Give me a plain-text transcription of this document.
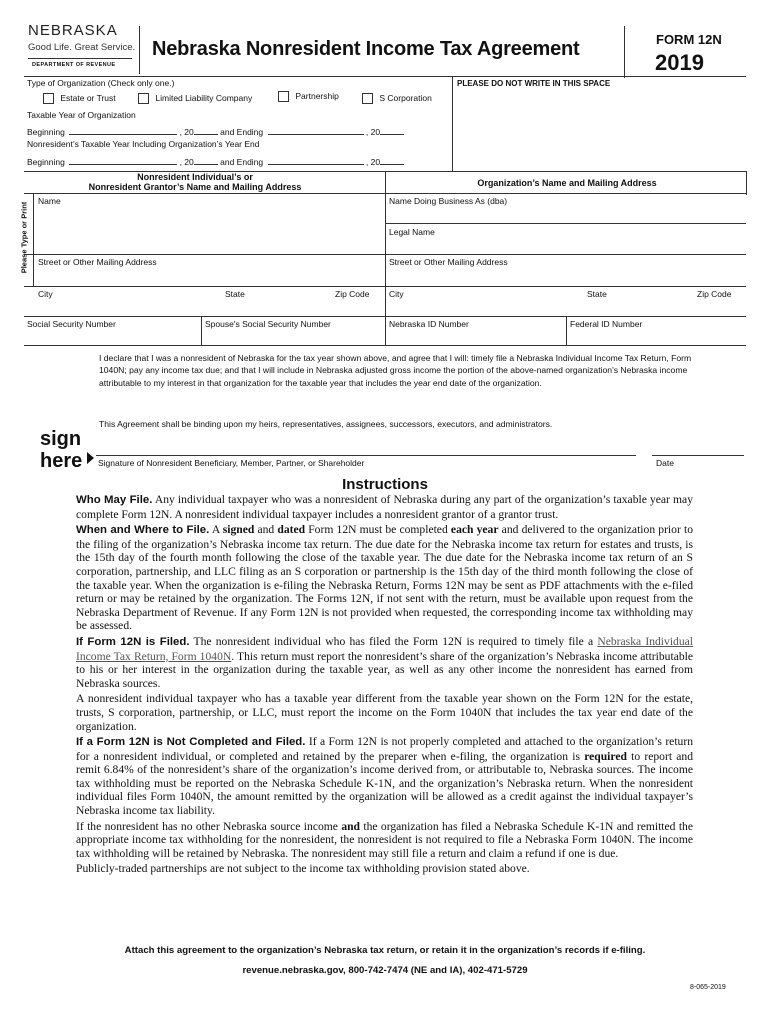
NEBRASKA
Good Life. Great Service.
DEPARTMENT OF REVENUE
Nebraska Nonresident Income Tax Agreement	FORM 12N
2019
Type of Organization (Check only one.)	PLEASE DO NOT WRITE IN THIS SPACE
Estate or Trust	Limited Liability Company	Partnership	S Corporation
Taxable Year of Organization
Beginning	, 20	and Ending	, 20
Nonresident’s Taxable Year Including Organization’s Year End
Beginning	, 20	and Ending	, 20
Nonresident Individual’s or
Nonresident Grantor’s Name and Mailing Address	Organization’s Name and Mailing Address
Please Type or Print
Name	Name Doing Business As (dba)
Legal Name
Street or Other Mailing Address	Street or Other Mailing Address
City	State	Zip Code City	State	Zip Code
Social Security Number	Spouse's Social Security Number	Nebraska ID Number	Federal ID Number
I declare that I was a nonresident of Nebraska for the tax year shown above, and agree that I will: timely file a Nebraska Individual Income Tax Return, Form 1040N; pay any income tax due; and that I will include in Nebraska adjusted gross income the portion of the above-named organization's Nebraska income attributable to my interest in that organization for the taxable year that includes the year end date of the organization.
This Agreement shall be binding upon my heirs, representatives, assignees, successors, executors, and administrators.
sign
here Signature of Nonresident Beneficiary, Member, Partner, or Shareholder	Date
Instructions

Who May File. Any individual taxpayer who was a nonresident of Nebraska during any part of the organization’s taxable year may complete Form 12N. A nonresident individual taxpayer includes a nonresident grantor of a grantor trust.

When and Where to File. A signed and dated Form 12N must be completed each year and delivered to the organization prior to the filing of the organization’s Nebraska income tax return. The due date for the Nebraska income tax return for estates and trusts, is the 15th day of the fourth month following the close of the taxable year. The due date for the Nebraska income tax return of an S corporation, partnership, and LLC filing as an S corporation or partnership is the 15th day of the third month following the close of the taxable year. When the organization is e-filing the Nebraska Return, Forms 12N may be sent as PDF attachments with the e-filed return or may be retained by the organization. The Forms 12N, if not sent with the return, must be available upon request from the Nebraska Department of Revenue. If any Form 12N is not provided when requested, the corresponding income tax withholding may be assessed.

If Form 12N is Filed. The nonresident individual who has filed the Form 12N is required to timely file a Nebraska Individual Income Tax Return, Form 1040N. This return must report the nonresident’s share of the organization’s Nebraska income attributable to his or her interest in the organization during the taxable year, as well as any other income the nonresident has earned from Nebraska sources.

A nonresident individual taxpayer who has a taxable year different from the taxable year shown on the Form 12N for the estate, trusts, S corporation, partnership, or LLC, must report the income on the Form 1040N that includes the tax year end date of the organization.

If a Form 12N is Not Completed and Filed. If a Form 12N is not properly completed and attached to the organization’s return for a nonresident individual, or completed and retained by the preparer when e-filing, the organization is required to report and remit 6.84% of the nonresident’s share of the organization’s income derived from, or attributable to, Nebraska sources. The income tax withholding must be reported on the Nebraska Schedule K-1N, and the organization’s Nebraska return. When the nonresident individual files Form 1040N, the amount remitted by the organization will be allowed as a credit against the individual taxpayer’s Nebraska income tax liability.

If the nonresident has no other Nebraska source income and the organization has filed a Nebraska Schedule K-1N and remitted the appropriate income tax withholding for the nonresident, the nonresident is not required to file a Nebraska Form 1040N. The income tax withholding will be retained by Nebraska. The nonresident may still file a return and claim a refund if one is due.

Publicly-traded partnerships are not subject to the income tax withholding provision stated above.

Attach this agreement to the organization’s Nebraska tax return, or retain it in the organization’s records if e-filing.
revenue.nebraska.gov, 800-742-7474 (NE and IA), 402-471-5729
8-065-2019
